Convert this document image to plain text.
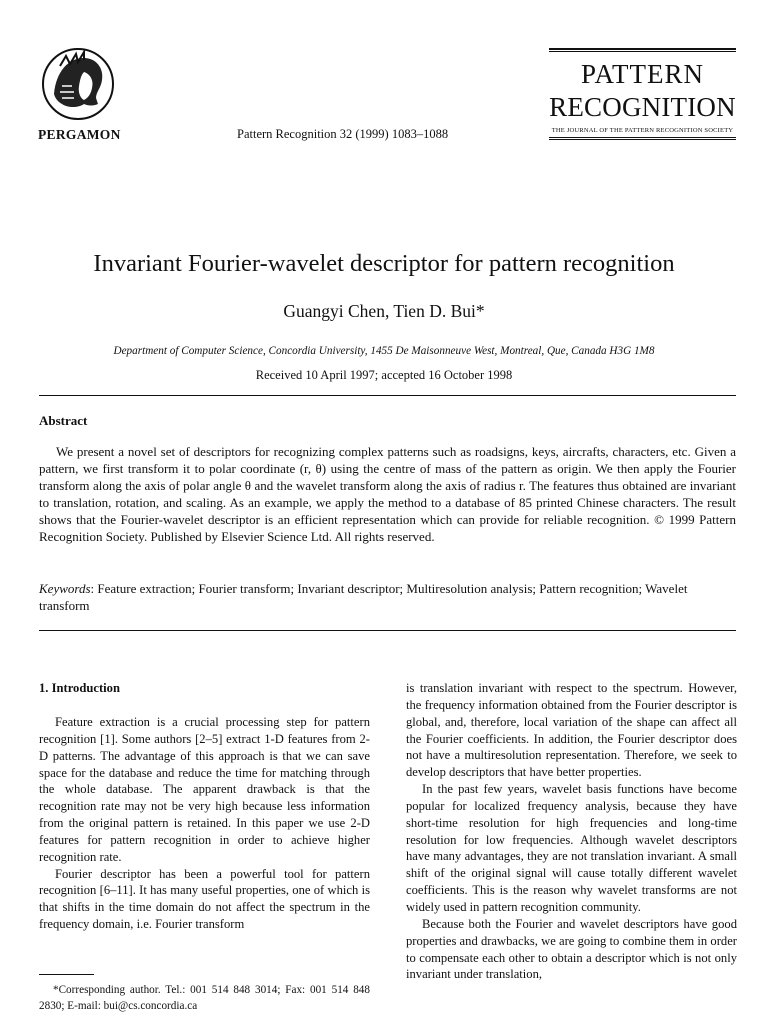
PERGAMON	Pattern Recognition 32 (1999) 1083–1088
PATTERN
RECOGNITION
THE JOURNAL OF THE PATTERN RECOGNITION SOCIETY
Invariant Fourier-wavelet descriptor for pattern recognition
Guangyi Chen, Tien D. Bui*
Department of Computer Science, Concordia University, 1455 De Maisonneuve West, Montreal, Que, Canada H3G 1M8
Received 10 April 1997; accepted 16 October 1998
Abstract
We present a novel set of descriptors for recognizing complex patterns such as roadsigns, keys, aircrafts, characters, etc. Given a pattern, we first transform it to polar coordinate (r, θ) using the centre of mass of the pattern as origin. We then apply the Fourier transform along the axis of polar angle θ and the wavelet transform along the axis of radius r. The features thus obtained are invariant to translation, rotation, and scaling. As an example, we apply the method to a database of 85 printed Chinese characters. The result shows that the Fourier-wavelet descriptor is an efficient representation which can provide for reliable recognition. © 1999 Pattern Recognition Society. Published by Elsevier Science Ltd. All rights reserved.
Keywords: Feature extraction; Fourier transform; Invariant descriptor; Multiresolution analysis; Pattern recognition; Wavelet transform
1. Introduction

Feature extraction is a crucial processing step for pattern recognition [1]. Some authors [2–5] extract 1-D features from 2-D patterns. The advantage of this approach is that we can save space for the database and reduce the time for matching through the whole database. The apparent drawback is that the recognition rate may not be very high because less information from the original pattern is retained. In this paper we use 2-D features for pattern recognition in order to achieve higher recognition rate.

Fourier descriptor has been a powerful tool for pattern recognition [6–11]. It has many useful properties, one of which is that shifts in the time domain do not affect the spectrum in the frequency domain, i.e. Fourier transform

is translation invariant with respect to the spectrum. However, the frequency information obtained from the Fourier descriptor is global, and, therefore, local variation of the shape can affect all the Fourier coefficients. In addition, the Fourier descriptor does not have a multiresolution representation. Therefore, we seek to develop descriptors that have better properties.

In the past few years, wavelet basis functions have become popular for localized frequency analysis, because they have short-time resolution for high frequencies and long-time resolution for low frequencies. Although wavelet descriptors have many advantages, they are not translation invariant. A small shift of the original signal will cause totally different wavelet coefficients. This is the reason why wavelet transforms are not widely used in pattern recognition community.

Because both the Fourier and wavelet descriptors have good properties and drawbacks, we are going to combine them in order to compensate each other to obtain a descriptor which is not only invariant under translation,

*Corresponding author. Tel.: 001 514 848 3014; Fax: 001 514 848 2830; E-mail: bui@cs.concordia.ca
